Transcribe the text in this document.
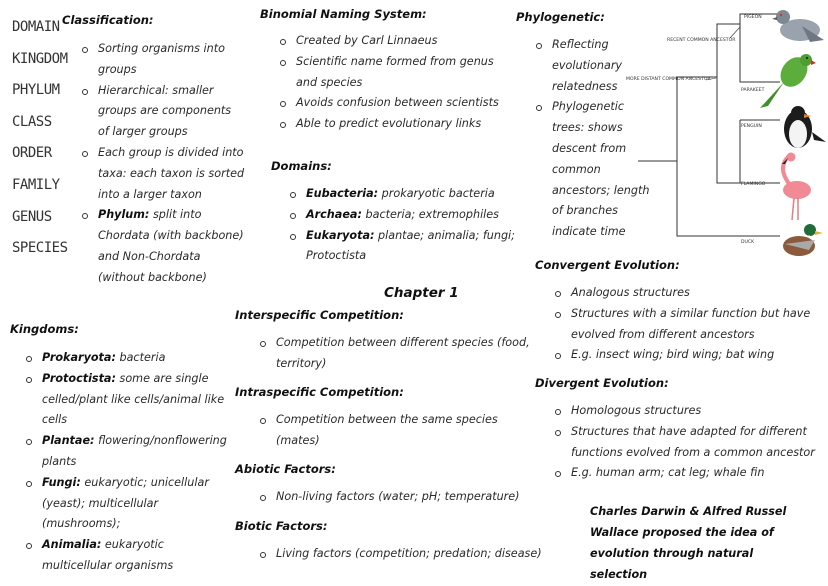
DOMAIN
KINGDOM
PHYLUM
CLASS
ORDER
FAMILY
GENUS
SPECIES
Classification:
Sorting organisms into groups
Hierarchical: smaller groups are components of larger groups
Each group is divided into taxa: each taxon is sorted into a larger taxon
Phylum: split into Chordata (with backbone) and Non-Chordata (without backbone)
Kingdoms:
Prokaryota: bacteria
Protoctista: some are single celled/plant like cells/animal like cells
Plantae: flowering/nonflowering plants
Fungi: eukaryotic; unicellular (yeast); multicellular (mushrooms);
Animalia: eukaryotic multicellular organisms
Binomial Naming System:
Created by Carl Linnaeus
Scientific name formed from genus and species
Avoids confusion between scientists
Able to predict evolutionary links
Domains:
Eubacteria: prokaryotic bacteria
Archaea: bacteria; extremophiles
Eukaryota: plantae; animalia; fungi; Protoctista
Chapter 1
Interspecific Competition:
Competition between different species (food, territory)
Intraspecific Competition:
Competition between the same species (mates)
Abiotic Factors:
Non-living factors (water; pH; temperature)
Biotic Factors:
Living factors (competition; predation; disease)
Phylogenetic:
Reflecting evolutionary relatedness
Phylogenetic trees: shows descent from common ancestors; length of branches indicate time
RECENT COMMON ANCESTOR
MORE DISTANT COMMON ANCESTOR
PIGEON
PARAKEET
PENGUIN
FLAMINGO
DUCK
Convergent Evolution:
Analogous structures
Structures with a similar function but have evolved from different ancestors
E.g. insect wing; bird wing; bat wing
Divergent Evolution:
Homologous structures
Structures that have adapted for different functions evolved from a common ancestor
E.g. human arm; cat leg; whale fin
Charles Darwin & Alfred Russel Wallace proposed the idea of evolution through natural selection
